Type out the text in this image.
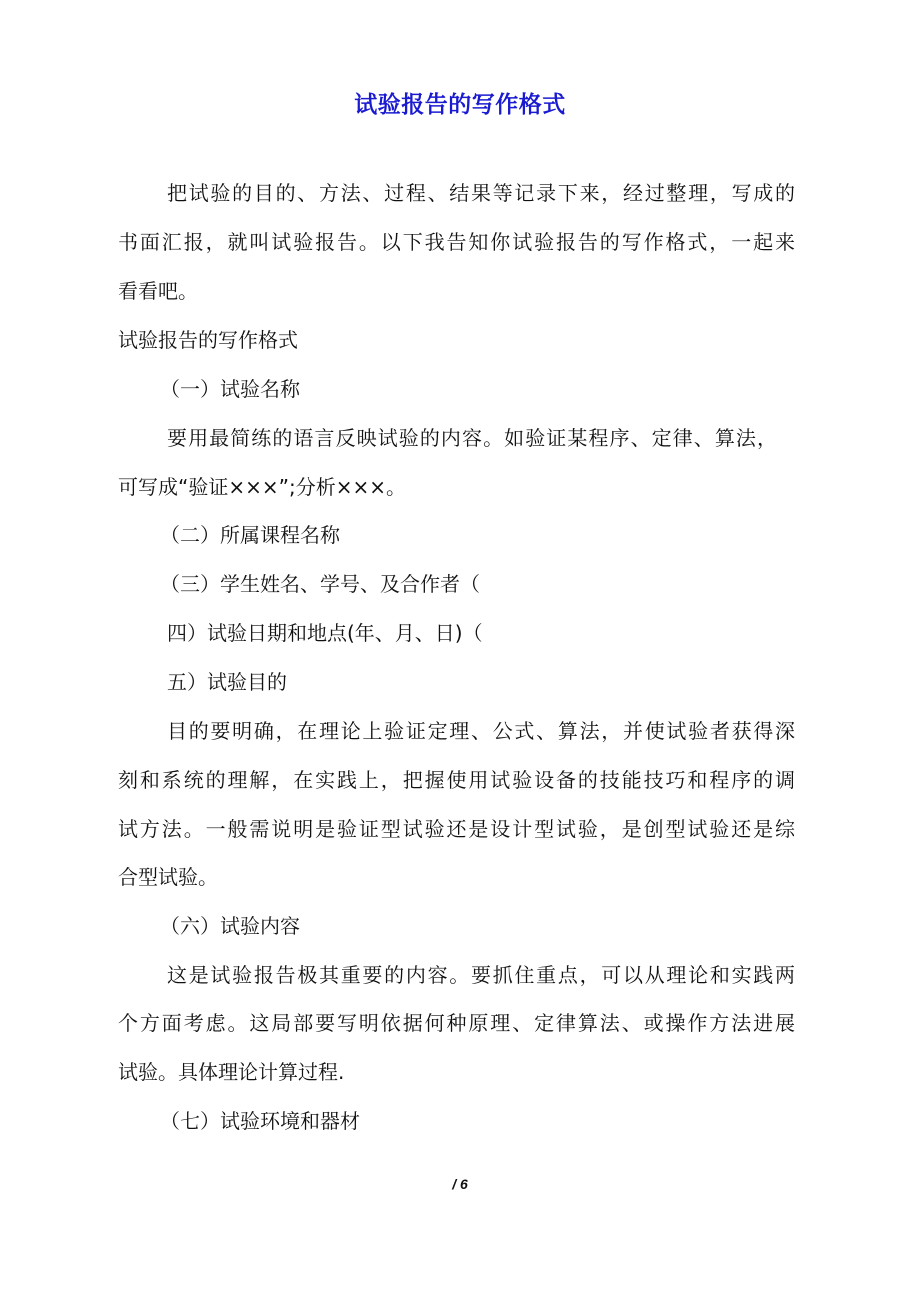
试验报告的写作格式
把试验的目的、方法、过程、结果等记录下来，经过整理，写成的
书面汇报，就叫试验报告。以下我告知你试验报告的写作格式，一起来
看看吧。
试验报告的写作格式
（一）试验名称
要用最简练的语言反映试验的内容。如验证某程序、定律、算法，
可写成“验证×××”;分析×××。
（二）所属课程名称
（三）学生姓名、学号、及合作者（
四）试验日期和地点(年、月、日)（
五）试验目的
目的要明确，在理论上验证定理、公式、算法，并使试验者获得深
刻和系统的理解，在实践上，把握使用试验设备的技能技巧和程序的调
试方法。一般需说明是验证型试验还是设计型试验，是创型试验还是综
合型试验。
（六）试验内容
这是试验报告极其重要的内容。要抓住重点，可以从理论和实践两
个方面考虑。这局部要写明依据何种原理、定律算法、或操作方法进展
试验。具体理论计算过程.
（七）试验环境和器材
/ 6
